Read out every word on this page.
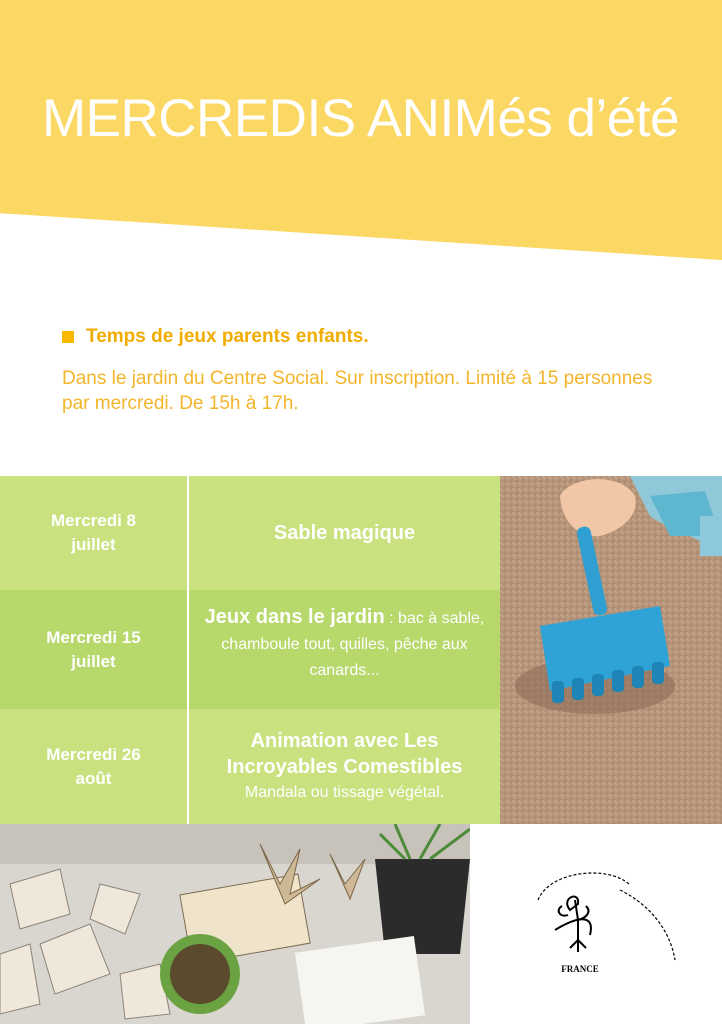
MERCREDIS ANIMés d’été
Temps de jeux parents enfants.

Dans le jardin du Centre Social. Sur inscription. Limité à 15 personnes par mercredi. De 15h à 17h.

Mercredi 8 juillet
Sable magique
Mercredi 15 juillet
Jeux dans le jardin : bac à sable, chamboule tout, quilles, pêche aux canards...
Mercredi 26 août
Animation avec Les Incroyables Comestibles
Mandala ou tissage végétal.
FRANCE
